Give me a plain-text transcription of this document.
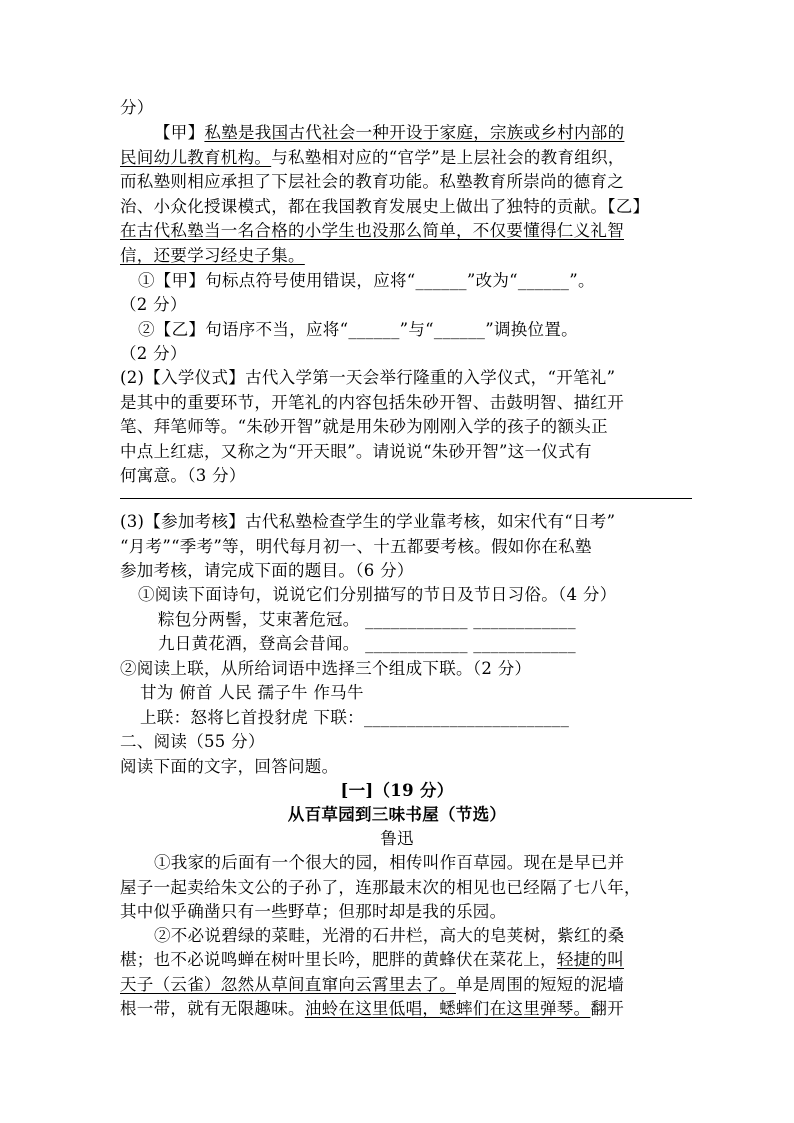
分）
【甲】私塾是我国古代社会一种开设于家庭，宗族或乡村内部的
民间幼儿教育机构。与私塾相对应的“官学”是上层社会的教育组织，
而私塾则相应承担了下层社会的教育功能。私塾教育所崇尚的德育之
治、小众化授课模式，都在我国教育发展史上做出了独特的贡献。【乙】
在古代私塾当一名合格的小学生也没那么简单，不仅要懂得仁义礼智
信，还要学习经史子集。
①【甲】句标点符号使用错误，应将“______”改为“______”。
（2 分）
②【乙】句语序不当，应将“______”与“______”调换位置。
（2 分）
(2)【入学仪式】古代入学第一天会举行隆重的入学仪式，“开笔礼”
是其中的重要环节，开笔礼的内容包括朱砂开智、击鼓明智、描红开
笔、拜笔师等。“朱砂开智”就是用朱砂为刚刚入学的孩子的额头正
中点上红痣，又称之为“开天眼”。请说说“朱砂开智”这一仪式有
何寓意。（3 分）
(3)【参加考核】古代私塾检查学生的学业靠考核，如宋代有“日考”
“月考”“季考”等，明代每月初一、十五都要考核。假如你在私塾
参加考核，请完成下面的题目。（6 分）
①阅读下面诗句，说说它们分别描写的节日及节日习俗。（4 分）
粽包分两髻，艾束著危冠。 ____________ ____________
九日黄花酒，登高会昔闻。 ____________ ____________
②阅读上联，从所给词语中选择三个组成下联。（2 分）
甘为 俯首 人民 孺子牛 作马牛
上联：怒将匕首投豺虎 下联：________________________
二、阅读（55 分）
阅读下面的文字，回答问题。
[一]（19 分）
从百草园到三味书屋（节选）
鲁迅
①我家的后面有一个很大的园，相传叫作百草园。现在是早已并
屋子一起卖给朱文公的子孙了，连那最末次的相见也已经隔了七八年，
其中似乎确凿只有一些野草；但那时却是我的乐园。
②不必说碧绿的菜畦，光滑的石井栏，高大的皂荚树，紫红的桑
椹；也不必说鸣蝉在树叶里长吟，肥胖的黄蜂伏在菜花上，轻捷的叫
天子（云雀）忽然从草间直窜向云霄里去了。单是周围的短短的泥墙
根一带，就有无限趣味。油蛉在这里低唱，蟋蟀们在这里弹琴。翻开
